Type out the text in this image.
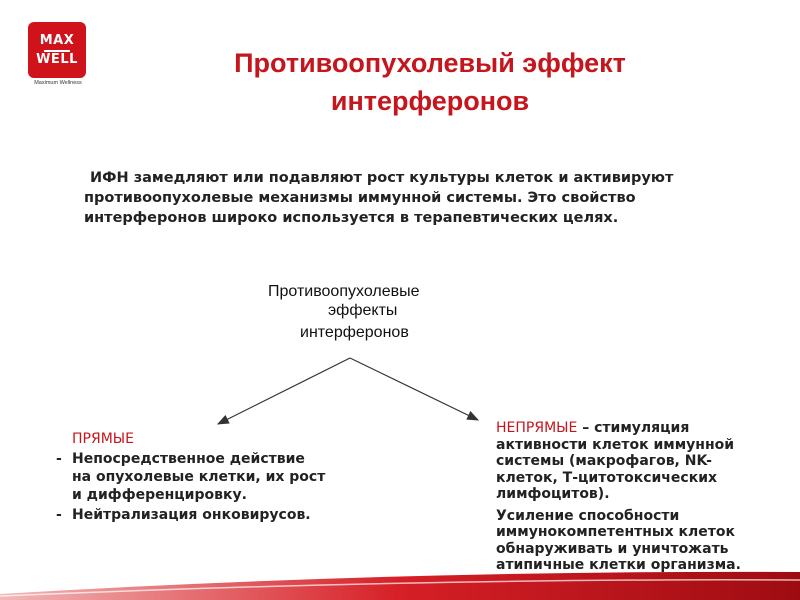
MAX
WELL
Maximum Wellness
Противоопухолевый эффект
интерферонов
ИФН замедляют или подавляют рост культуры клеток и активируют
противоопухолевые механизмы иммунной системы. Это свойство
интерферонов широко используется в терапевтических целях.
Противоопухолевые
эффекты
интерферонов
ПРЯМЫЕ
- Непосредственное действие
на опухолевые клетки, их рост
и дифференцировку.
- Нейтрализация онковирусов.
НЕПРЯМЫЕ – стимуляция
активности клеток иммунной
системы (макрофагов, NK-
клеток, Т-цитотоксических
лимфоцитов).
Усиление способности
иммунокомпетентных клеток
обнаруживать и уничтожать
атипичные клетки организма.
